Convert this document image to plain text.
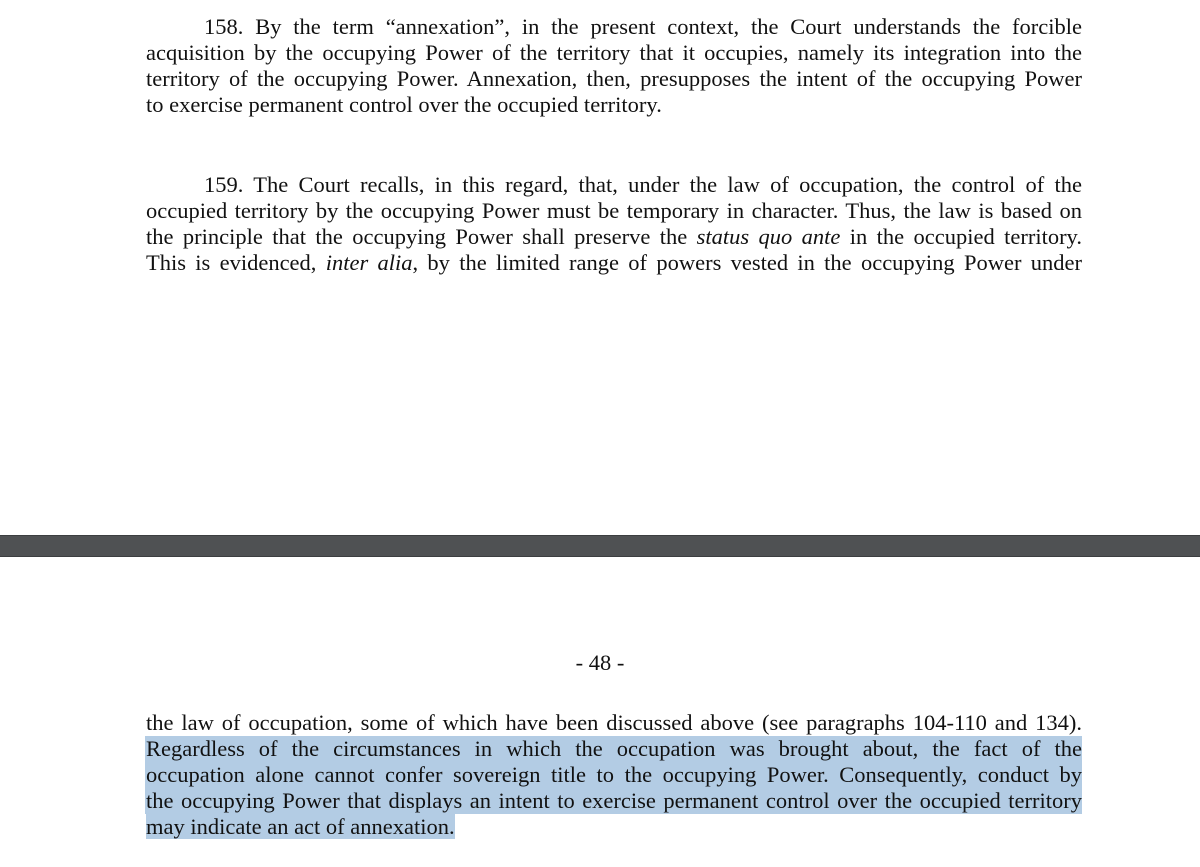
158. By the term “annexation”, in the present context, the Court understands the forcible
acquisition by the occupying Power of the territory that it occupies, namely its integration into the
territory of the occupying Power. Annexation, then, presupposes the intent of the occupying Power
to exercise permanent control over the occupied territory.

159. The Court recalls, in this regard, that, under the law of occupation, the control of the
occupied territory by the occupying Power must be temporary in character. Thus, the law is based on
the principle that the occupying Power shall preserve the status quo ante in the occupied territory.
This is evidenced, inter alia, by the limited range of powers vested in the occupying Power under

- 48 -

the law of occupation, some of which have been discussed above (see paragraphs 104-110 and 134).
Regardless of the circumstances in which the occupation was brought about, the fact of the
occupation alone cannot confer sovereign title to the occupying Power. Consequently, conduct by
the occupying Power that displays an intent to exercise permanent control over the occupied territory
may indicate an act of annexation.
